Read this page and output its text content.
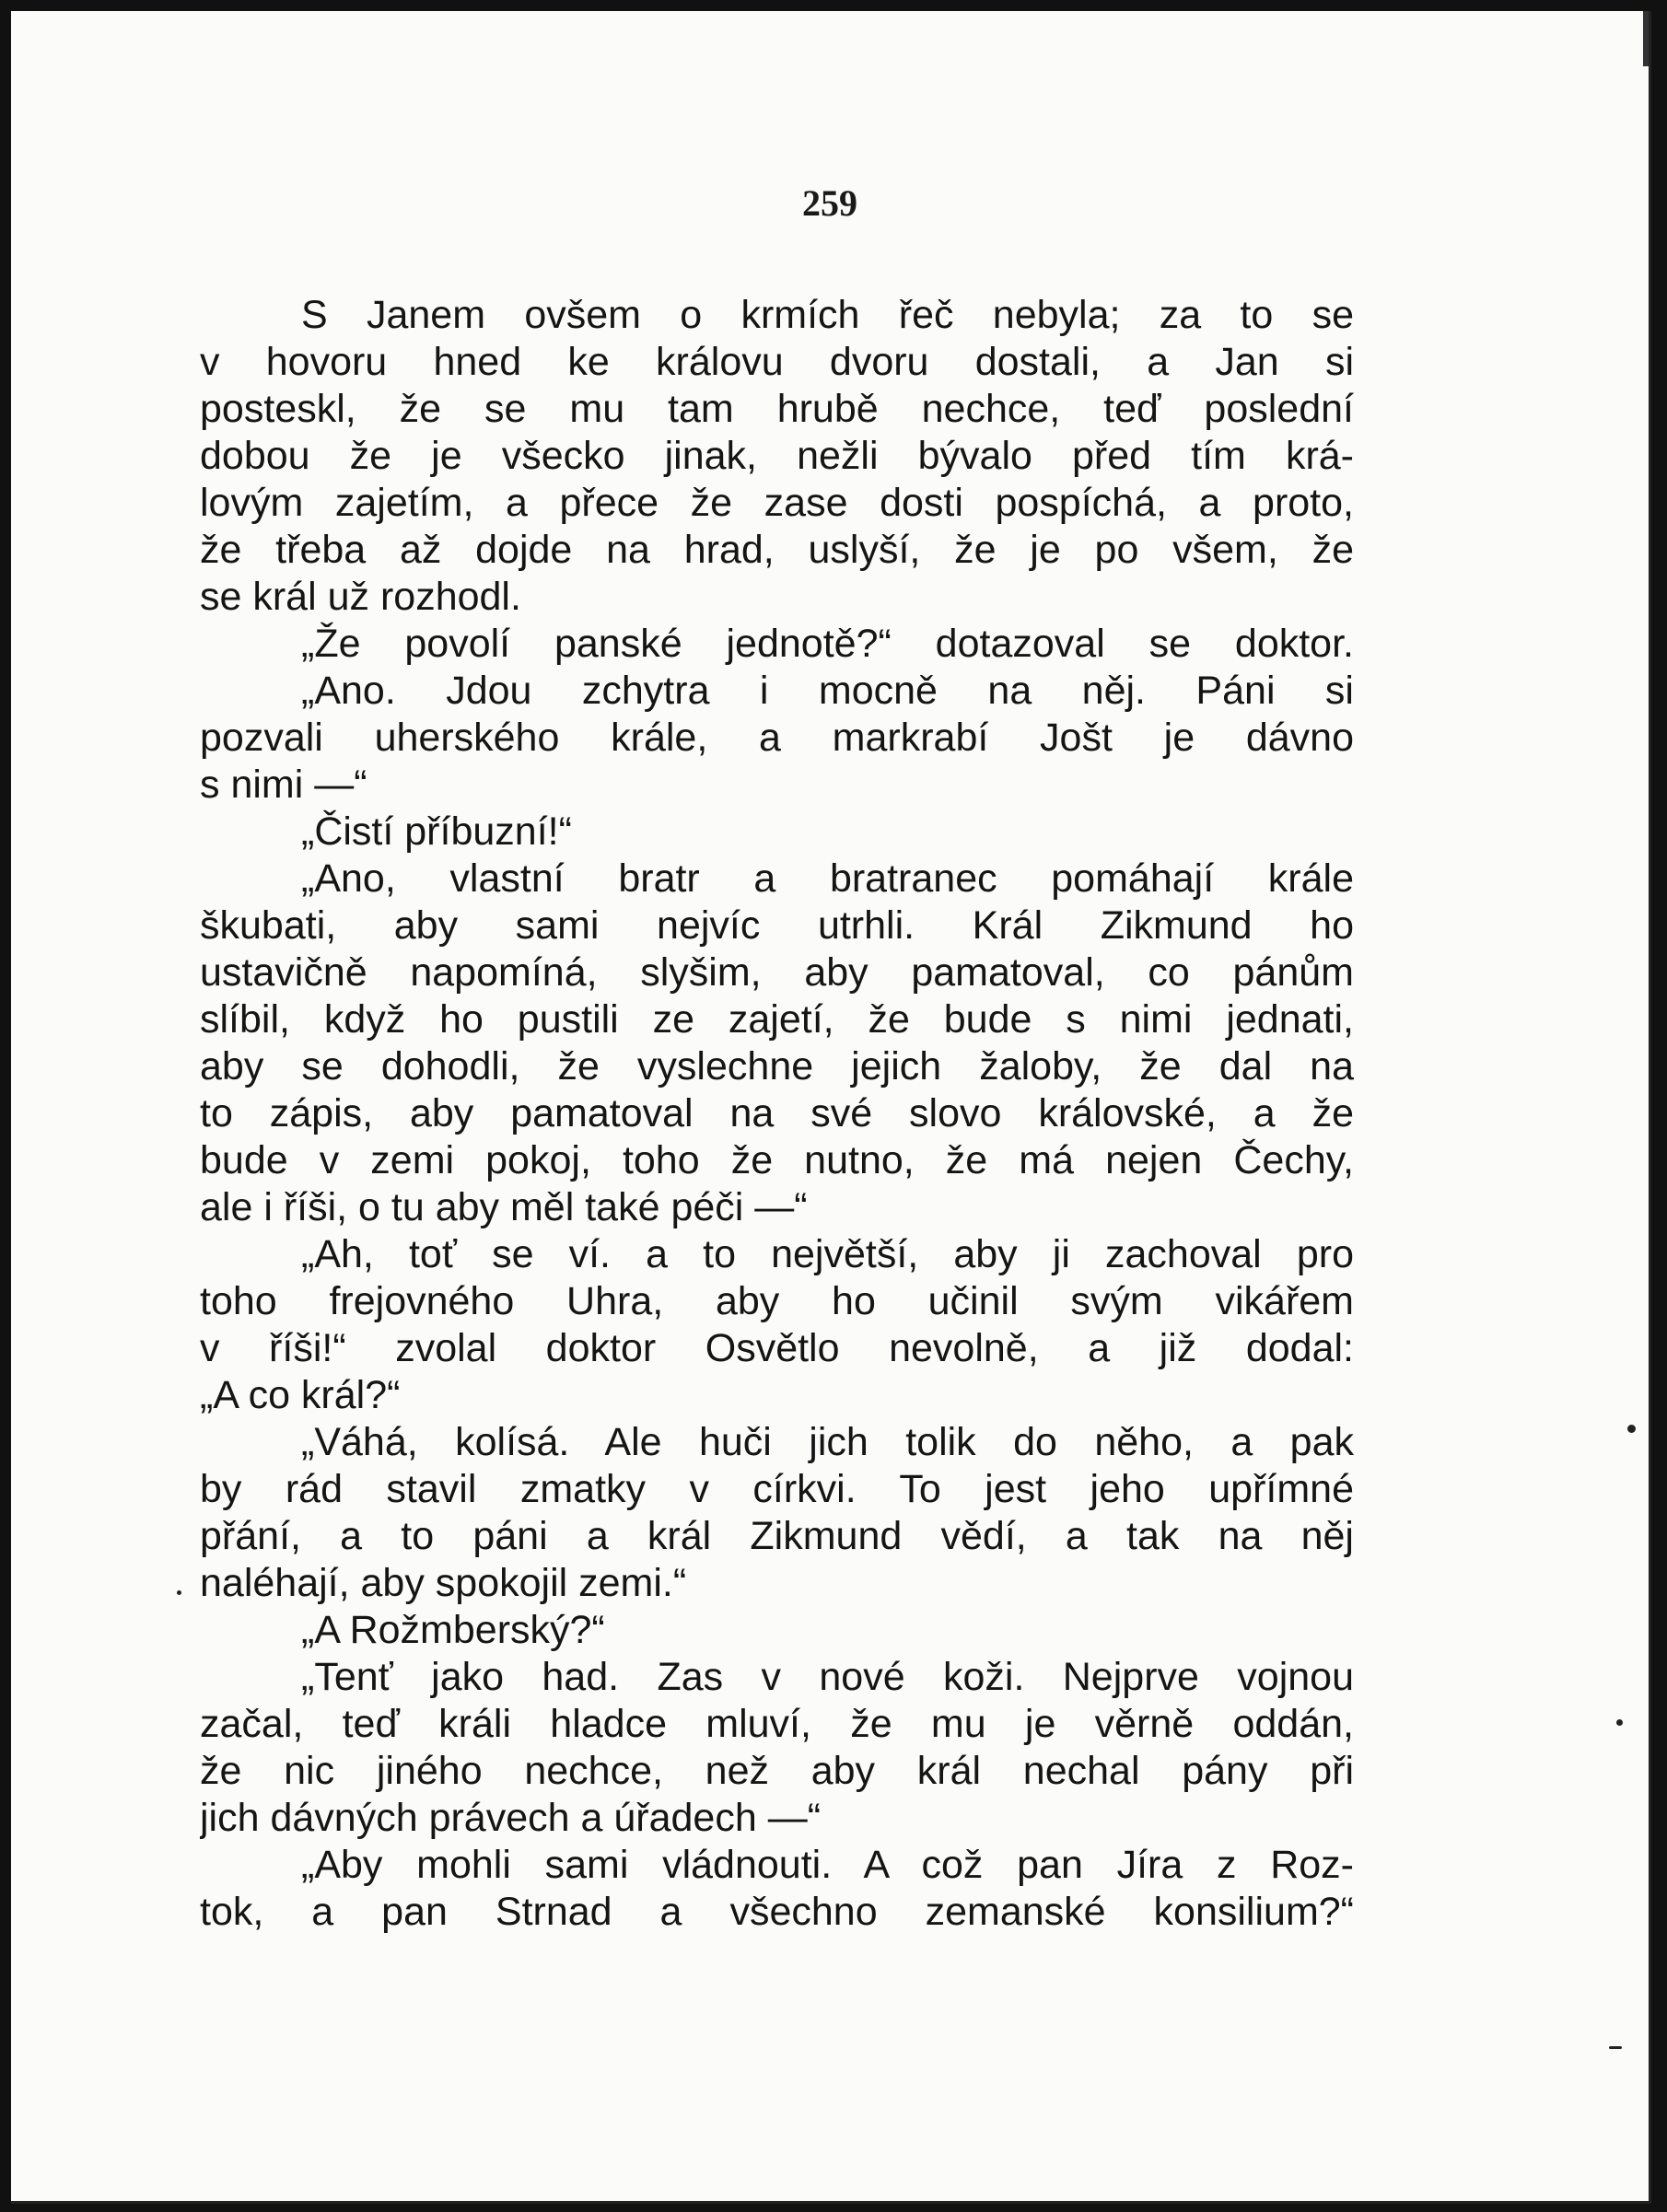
259
S Janem ovšem o krmích řeč nebyla; za to se
v hovoru hned ke královu dvoru dostali, a Jan si
posteskl, že se mu tam hrubě nechce, teď poslední
dobou že je všecko jinak, nežli bývalo před tím krá-
lovým zajetím, a přece že zase dosti pospíchá, a proto,
že třeba až dojde na hrad, uslyší, že je po všem, že
se král už rozhodl.
„Že povolí panské jednotě?“ dotazoval se doktor.
„Ano. Jdou zchytra i mocně na něj. Páni si
pozvali uherského krále, a markrabí Jošt je dávno
s nimi —“
„Čistí příbuzní!“
„Ano, vlastní bratr a bratranec pomáhají krále
škubati, aby sami nejvíc utrhli. Král Zikmund ho
ustavičně napomíná, slyšim, aby pamatoval, co pánům
slíbil, když ho pustili ze zajetí, že bude s nimi jednati,
aby se dohodli, že vyslechne jejich žaloby, že dal na
to zápis, aby pamatoval na své slovo královské, a že
bude v zemi pokoj, toho že nutno, že má nejen Čechy,
ale i říši, o tu aby měl také péči —“
„Ah, toť se ví. a to největší, aby ji zachoval pro
toho frejovného Uhra, aby ho učinil svým vikářem
v říši!“ zvolal doktor Osvětlo nevolně, a již dodal:
„A co král?“
„Váhá, kolísá. Ale huči jich tolik do něho, a pak
by rád stavil zmatky v církvi. To jest jeho upřímné
přání, a to páni a král Zikmund vědí, a tak na něj
naléhají, aby spokojil zemi.“
„A Rožmberský?“
„Tenť jako had. Zas v nové koži. Nejprve vojnou
začal, teď králi hladce mluví, že mu je věrně oddán,
že nic jiného nechce, než aby král nechal pány při
jich dávných právech a úřadech —“
„Aby mohli sami vládnouti. A což pan Jíra z Roz-
tok, a pan Strnad a všechno zemanské konsilium?“
